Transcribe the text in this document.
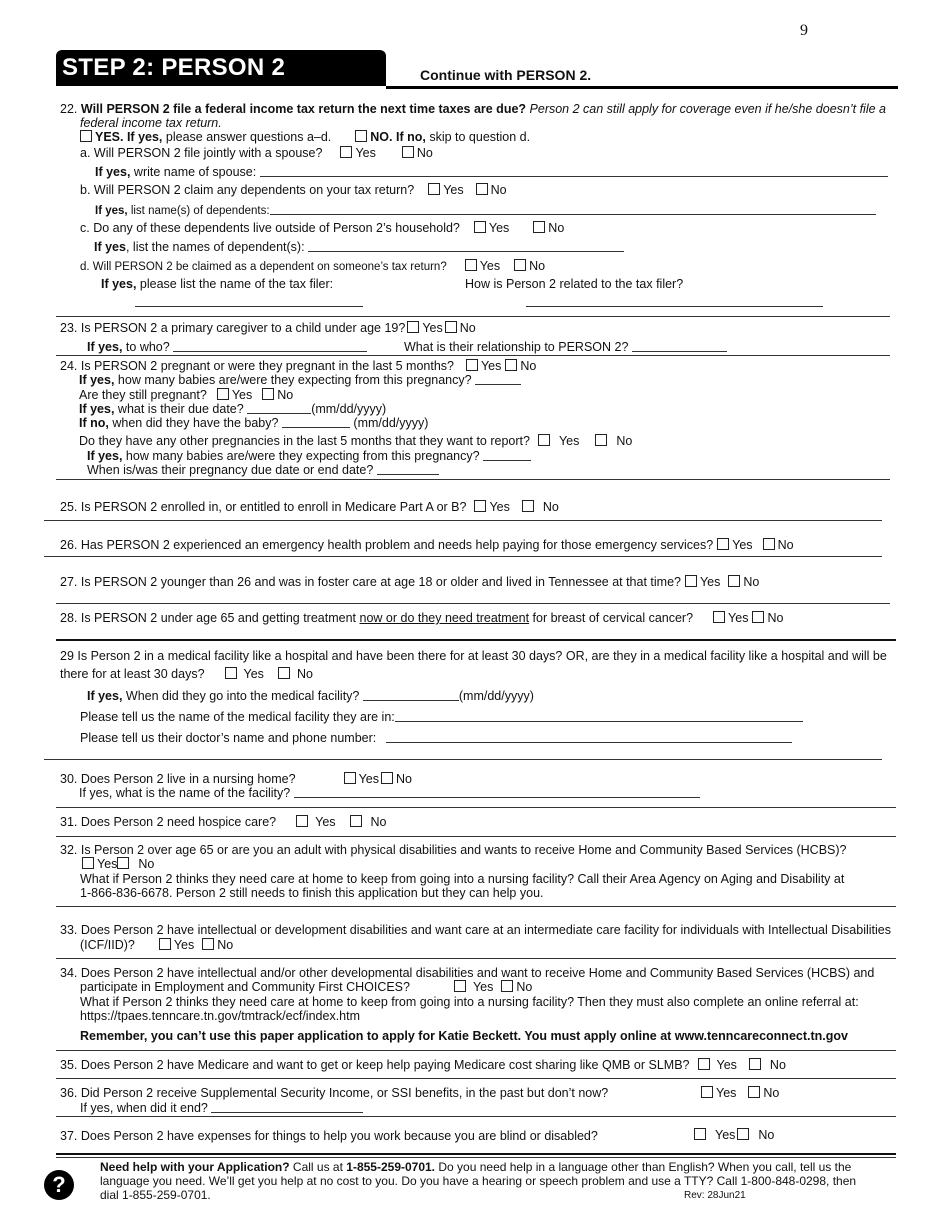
9
STEP 2: PERSON 2	Continue with PERSON 2.
22. Will PERSON 2 file a federal income tax return the next time taxes are due? Person 2 can still apply for coverage even if he/she doesn’t file a
federal income tax return.
YES. If yes, please answer questions a–d.	NO. If no, skip to question d.
a. Will PERSON 2 file jointly with a spouse?	Yes	No
If yes, write name of spouse:
b. Will PERSON 2 claim any dependents on your tax return? Yes No
If yes, list name(s) of dependents:
c. Do any of these dependents live outside of Person 2’s household? Yes	No
If yes, list the names of dependent(s):
d. Will PERSON 2 be claimed as a dependent on someone’s tax return?	Yes No
If yes, please list the name of the tax filer:	How is Person 2 related to the tax filer?
23. Is PERSON 2 a primary caregiver to a child under age 19? Yes No
If yes, to who?	What is their relationship to PERSON 2?
24. Is PERSON 2 pregnant or were they pregnant in the last 5 months? Yes No
If yes, how many babies are/were they expecting from this pregnancy?
Are they still pregnant? Yes No
If yes, what is their due date?	(mm/dd/yyyy)
If no, when did they have the baby?	(mm/dd/yyyy)
Do they have any other pregnancies in the last 5 months that they want to report? Yes	No
If yes, how many babies are/were they expecting from this pregnancy?
When is/was their pregnancy due date or end date?
25. Is PERSON 2 enrolled in, or entitled to enroll in Medicare Part A or B? Yes	No
26. Has PERSON 2 experienced an emergency health problem and needs help paying for those emergency services? Yes No
27. Is PERSON 2 younger than 26 and was in foster care at age 18 or older and lived in Tennessee at that time? Yes No
28. Is PERSON 2 under age 65 and getting treatment now or do they need treatment for breast of cervical cancer?	Yes No
29 Is Person 2 in a medical facility like a hospital and have been there for at least 30 days? OR, are they in a medical facility like a hospital and will be
there for at least 30 days?	Yes	No
If yes, When did they go into the medical facility?	(mm/dd/yyyy)
Please tell us the name of the medical facility they are in:
Please tell us their doctor’s name and phone number:
30. Does Person 2 live in a nursing home?	Yes No
If yes, what is the name of the facility?
31. Does Person 2 need hospice care?	Yes	No
32. Is Person 2 over age 65 or are you an adult with physical disabilities and wants to receive Home and Community Based Services (HCBS)?
Yes No
What if Person 2 thinks they need care at home to keep from going into a nursing facility? Call their Area Agency on Aging and Disability at
1-866-836-6678. Person 2 still needs to finish this application but they can help you.
33. Does Person 2 have intellectual or development disabilities and want care at an intermediate care facility for individuals with Intellectual Disabilities
(ICF/IID)?	Yes No
34. Does Person 2 have intellectual and/or other developmental disabilities and want to receive Home and Community Based Services (HCBS) and
participate in Employment and Community First CHOICES?	Yes No
What if Person 2 thinks they need care at home to keep from going into a nursing facility? Then they must also complete an online referral at:
https://tpaes.tenncare.tn.gov/tmtrack/ecf/index.htm
Remember, you can’t use this paper application to apply for Katie Beckett. You must apply online at www.tenncareconnect.tn.gov
35. Does Person 2 have Medicare and want to get or keep help paying Medicare cost sharing like QMB or SLMB? Yes	No
36. Did Person 2 receive Supplemental Security Income, or SSI benefits, in the past but don’t now?	Yes No
If yes, when did it end?
37. Does Person 2 have expenses for things to help you work because you are blind or disabled?	Yes No
?
Need help with your Application? Call us at 1-855-259-0701. Do you need help in a language other than English? When you call, tell us the
language you need. We’ll get you help at no cost to you. Do you have a hearing or speech problem and use a TTY? Call 1-800-848-0298, then
dial 1-855-259-0701.	Rev: 28Jun21
